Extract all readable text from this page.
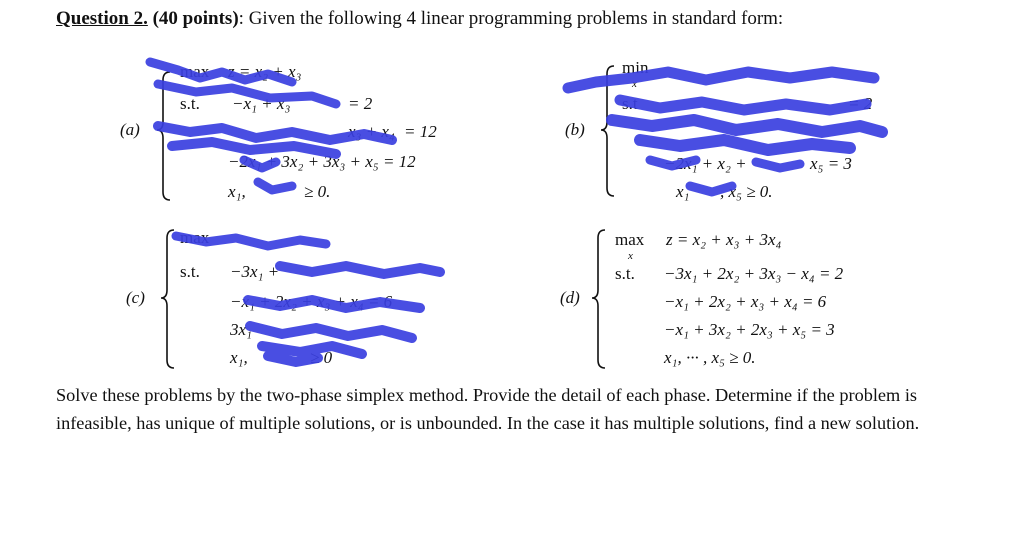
Question 2. (40 points): Given the following 4 linear programming problems in standard form:
(a)
max z = x₂ + x₃
s.t. −x₁ + x₃	= 2
x₃ + x₄ = 12
−2x₁ + 3x₂ + 3x₃ + x₅ = 12
x₁,	≥ 0.
(b)
min
x
s.t	= 2
−2x₁ + x₂ +	x₅ = 3
x₁ , x₅ ≥ 0.
(c)
max
s.t. −3x₁ +
−x₁ + 2x₂ + x₃ + x₄ = 6
3x₁
x₁,	≥ 0
(d)
max
x
z = x₂ + x₃ + 3x₄
s.t. −3x₁ + 2x₂ + 3x₃ − x₄ = 2
−x₁ + 2x₂ + x₃ + x₄ = 6
−x₁ + 3x₂ + 2x₃ + x₅ = 3
x₁, ··· , x₅ ≥ 0.
Solve these problems by the two-phase simplex method. Provide the detail of each phase. Determine if the problem is infeasible, has unique of multiple solutions, or is unbounded. In the case it has multiple solutions, find a new solution.
